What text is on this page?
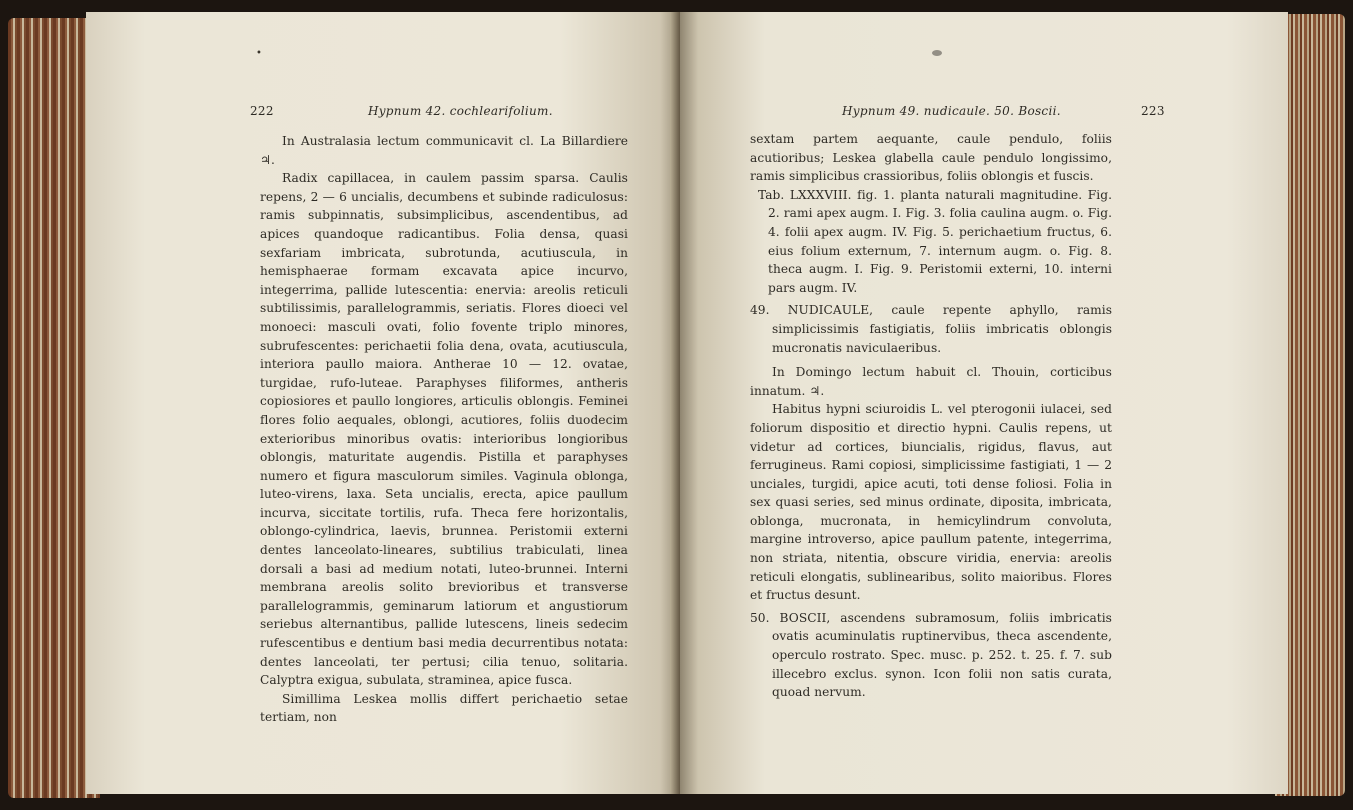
•
222	Hypnum 42. cochlearifolium.

In Australasia lectum communicavit cl. La Billardiere ♃.

Radix capillacea, in caulem passim sparsa. Caulis repens, 2 — 6 uncialis, decumbens et subinde radiculosus: ramis subpinnatis, subsimplicibus, ascendentibus, ad apices quandoque radicantibus. Folia densa, quasi sexfariam imbricata, subrotunda, acutiuscula, in hemisphaerae formam excavata apice incurvo, integerrima, pallide lutescentia: enervia: areolis reticuli subtilissimis, parallelogrammis, seriatis. Flores dioeci vel monoeci: masculi ovati, folio fovente triplo minores, subrufescentes: perichaetii folia dena, ovata, acutiuscula, interiora paullo maiora. Antherae 10 — 12. ovatae, turgidae, rufo-luteae. Paraphyses filiformes, antheris copiosiores et paullo longiores, articulis oblongis. Feminei flores folio aequales, oblongi, acutiores, foliis duodecim exterioribus minoribus ovatis: interioribus longioribus oblongis, maturitate augendis. Pistilla et paraphyses numero et figura masculorum similes. Vaginula oblonga, luteo-virens, laxa. Seta uncialis, erecta, apice paullum incurva, siccitate tortilis, rufa. Theca fere horizontalis, oblongo-cylindrica, laevis, brunnea. Peristomii externi dentes lanceolato-lineares, subtilius trabiculati, linea dorsali a basi ad medium notati, luteo-brunnei. Interni membrana areolis solito brevioribus et transverse parallelogrammis, geminarum latiorum et angustiorum seriebus alternantibus, pallide lutescens, lineis sedecim rufescentibus e dentium basi media decurrentibus notata: dentes lanceolati, ter pertusi; cilia tenuo, solitaria. Calyptra exigua, subulata, straminea, apice fusca.

Simillima Leskea mollis differt perichaetio setae tertiam, non

Hypnum 49. nudicaule. 50. Boscii.	223

sextam partem aequante, caule pendulo, foliis acutioribus; Leskea glabella caule pendulo longissimo, ramis simplicibus crassioribus, foliis oblongis et fuscis.

Tab. LXXXVIII. fig. 1. planta naturali magnitudine. Fig. 2. rami apex augm. I. Fig. 3. folia caulina augm. o. Fig. 4. folii apex augm. IV. Fig. 5. perichaetium fructus, 6. eius folium externum, 7. internum augm. o. Fig. 8. theca augm. I. Fig. 9. Peristomii externi, 10. interni pars augm. IV.

49. NUDICAULE, caule repente aphyllo, ramis simplicissimis fastigiatis, foliis imbricatis oblongis mucronatis naviculaeribus.

In Domingo lectum habuit cl. Thouin, corticibus innatum. ♃.

Habitus hypni sciuroidis L. vel pterogonii iulacei, sed foliorum dispositio et directio hypni. Caulis repens, ut videtur ad cortices, biuncialis, rigidus, flavus, aut ferrugineus. Rami copiosi, simplicissime fastigiati, 1 — 2 unciales, turgidi, apice acuti, toti dense foliosi. Folia in sex quasi series, sed minus ordinate, diposita, imbricata, oblonga, mucronata, in hemicylindrum convoluta, margine introverso, apice paullum patente, integerrima, non striata, nitentia, obscure viridia, enervia: areolis reticuli elongatis, sublinearibus, solito maioribus. Flores et fructus desunt.

50. BOSCII, ascendens subramosum, foliis imbricatis ovatis acuminulatis ruptinervibus, theca ascendente, operculo rostrato. Spec. musc. p. 252. t. 25. f. 7. sub illecebro exclus. synon. Icon folii non satis curata, quoad nervum.
